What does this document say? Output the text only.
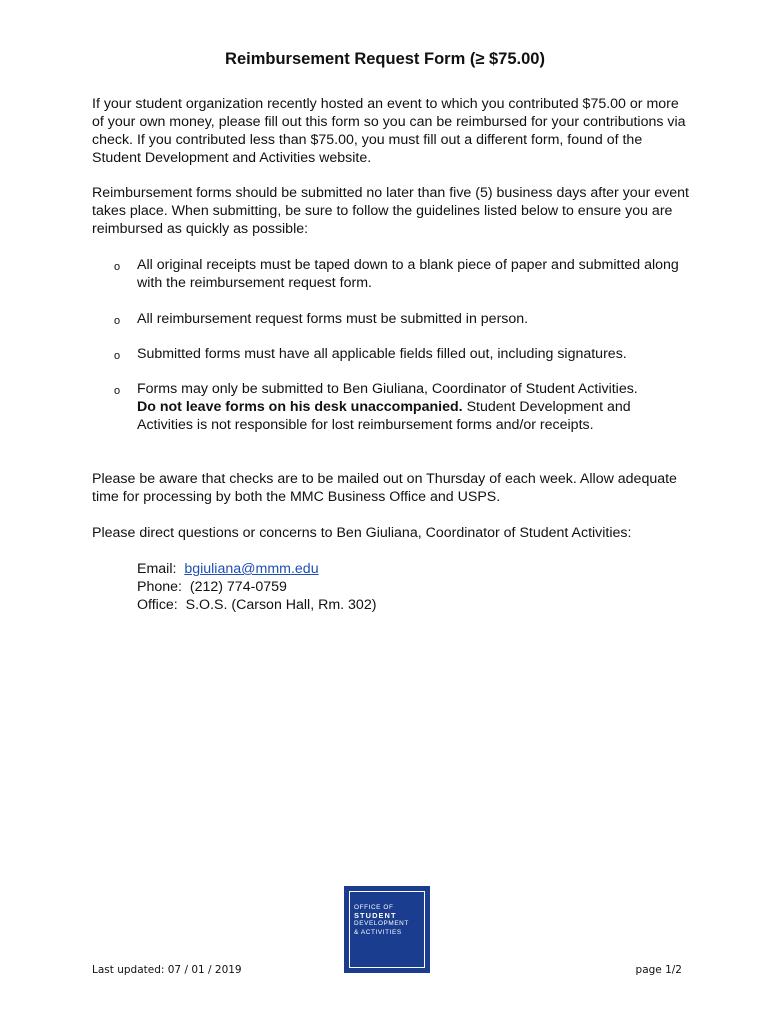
Reimbursement Request Form (≥ $75.00)

If your student organization recently hosted an event to which you contributed $75.00 or more of your own money, please fill out this form so you can be reimbursed for your contributions via check. If you contributed less than $75.00, you must fill out a different form, found of the Student Development and Activities website.

Reimbursement forms should be submitted no later than five (5) business days after your event takes place. When submitting, be sure to follow the guidelines listed below to ensure you are reimbursed as quickly as possible:

o All original receipts must be taped down to a blank piece of paper and submitted along with the reimbursement request form.
o All reimbursement request forms must be submitted in person.
o Submitted forms must have all applicable fields filled out, including signatures.
o Forms may only be submitted to Ben Giuliana, Coordinator of Student Activities.
Do not leave forms on his desk unaccompanied. Student Development and Activities is not responsible for lost reimbursement forms and/or receipts.

Please be aware that checks are to be mailed out on Thursday of each week. Allow adequate time for processing by both the MMC Business Office and USPS.

Please direct questions or concerns to Ben Giuliana, Coordinator of Student Activities:

Email: bgiuliana@mmm.edu
Phone: (212) 774-0759
Office: S.O.S. (Carson Hall, Rm. 302)
OFFICE OF
STUDENT
DEVELOPMENT
& ACTIVITIES
Last updated: 07 / 01 / 2019	page 1/2
